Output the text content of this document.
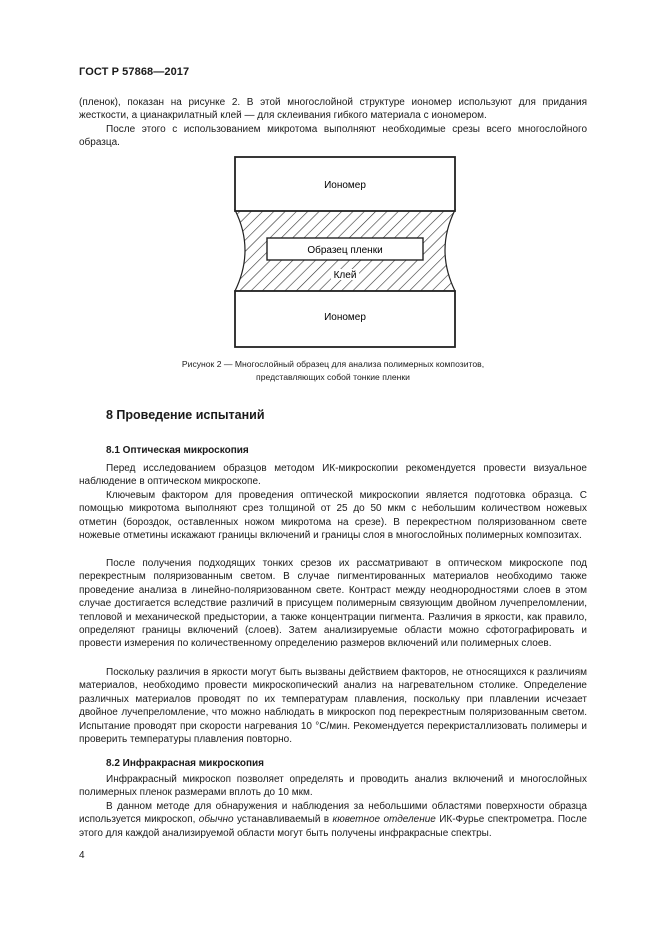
ГОСТ Р 57868—2017

(пленок), показан на рисунке 2. В этой многослойной структуре иономер используют для придания жесткости, а цианакрилатный клей — для склеивания гибкого материала с иономером.

После этого с использованием микротома выполняют необходимые срезы всего многослойного образца.

Иономер
Образец пленки
Клей
Иономер
Рисунок 2 — Многослойный образец для анализа полимерных композитов,
представляющих собой тонкие пленки
8 Проведение испытаний
8.1 Оптическая микроскопия

Перед исследованием образцов методом ИК-микроскопии рекомендуется провести визуальное наблюдение в оптическом микроскопе.

Ключевым фактором для проведения оптической микроскопии является подготовка образца. С помощью микротома выполняют срез толщиной от 25 до 50 мкм с небольшим количеством ножевых отметин (бороздок, оставленных ножом микротома на срезе). В перекрестном поляризованном свете ножевые отметины искажают границы включений и границы слоя в многослойных полимерных композитах.

После получения подходящих тонких срезов их рассматривают в оптическом микроскопе под перекрестным поляризованным светом. В случае пигментированных материалов необходимо также проведение анализа в линейно-поляризованном свете. Контраст между неоднородностями слоев в этом случае достигается вследствие различий в присущем полимерным связующим двойном лучепреломлении, тепловой и механической предыстории, а также концентрации пигмента. Различия в яркости, как правило, определяют границы включений (слоев). Затем анализируемые области можно сфотографировать и провести измерения по количественному определению размеров включений или полимерных слоев.

Поскольку различия в яркости могут быть вызваны действием факторов, не относящихся к различиям материалов, необходимо провести микроскопический анализ на нагревательном столике. Определение различных материалов проводят по их температурам плавления, поскольку при плавлении исчезает двойное лучепреломление, что можно наблюдать в микроскоп под перекрестным поляризованным светом. Испытание проводят при скорости нагревания 10 °С/мин. Рекомендуется перекристаллизовать полимеры и проверить температуры плавления повторно.

8.2 Инфракрасная микроскопия

Инфракрасный микроскоп позволяет определять и проводить анализ включений и многослойных полимерных пленок размерами вплоть до 10 мкм.

В данном методе для обнаружения и наблюдения за небольшими областями поверхности образца используется микроскоп, обычно устанавливаемый в кюветное отделение ИК-Фурье спектрометра. После этого для каждой анализируемой области могут быть получены инфракрасные спектры.

4
